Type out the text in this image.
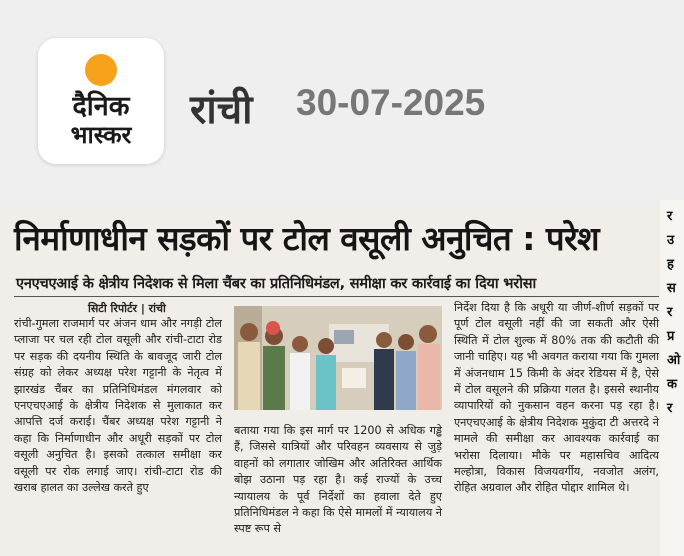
दैनिक
भास्कर
रांची 30-07-2025
र
उ
ह
स
र
प्र
ओ
क
र
निर्माणाधीन सड़कों पर टोल वसूली अनुचित : परेश
एनएचएआई के क्षेत्रीय निदेशक से मिला चैंबर का प्रतिनिधिमंडल, समीक्षा कर कार्रवाई का दिया भरोसा
सिटी रिपोर्टर | रांची

रांची-गुमला राजमार्ग पर अंजन धाम और नगड़ी टोल प्लाजा पर चल रही टोल वसूली और रांची-टाटा रोड पर सड़क की दयनीय स्थिति के बावजूद जारी टोल संग्रह को लेकर अध्यक्ष परेश गट्टानी के नेतृत्व में झारखंड चैंबर का प्रतिनिधिमंडल मंगलवार को एनएचएआई के क्षेत्रीय निदेशक से मुलाकात कर आपत्ति दर्ज कराई। चैंबर अध्यक्ष परेश गट्टानी ने कहा कि निर्माणाधीन और अधूरी सड़कों पर टोल वसूली अनुचित है। इसको तत्काल समीक्षा कर वसूली पर रोक लगाई जाए। रांची-टाटा रोड की खराब हालत का उल्लेख करते हुए

बताया गया कि इस मार्ग पर 1200 से अधिक गड्ढे हैं, जिससे यात्रियों और परिवहन व्यवसाय से जुड़े वाहनों को लगातार जोखिम और अतिरिक्त आर्थिक बोझ उठाना पड़ रहा है। कई राज्यों के उच्च न्यायालय के पूर्व निर्देशों का हवाला देते हुए प्रतिनिधिमंडल ने कहा कि ऐसे मामलों में न्यायालय ने स्पष्ट रूप से

निर्देश दिया है कि अधूरी या जीर्ण-शीर्ण सड़कों पर पूर्ण टोल वसूली नहीं की जा सकती और ऐसी स्थिति में टोल शुल्क में 80% तक की कटौती की जानी चाहिए। यह भी अवगत कराया गया कि गुमला में अंजनधाम 15 किमी के अंदर रेडियस में है, ऐसे में टोल वसूलने की प्रक्रिया गलत है। इससे स्थानीय व्यापारियों को नुकसान वहन करना पड़ रहा है। एनएचएआई के क्षेत्रीय निदेशक मुकुंदा टी अत्तरदे ने मामले की समीक्षा कर आवश्यक कार्रवाई का भरोसा दिलाया। मौके पर महासचिव आदित्य मल्होत्रा, विकास विजयवर्गीय, नवजोत अलंग, रोहित अग्रवाल और रोहित पोद्दार शामिल थे।
